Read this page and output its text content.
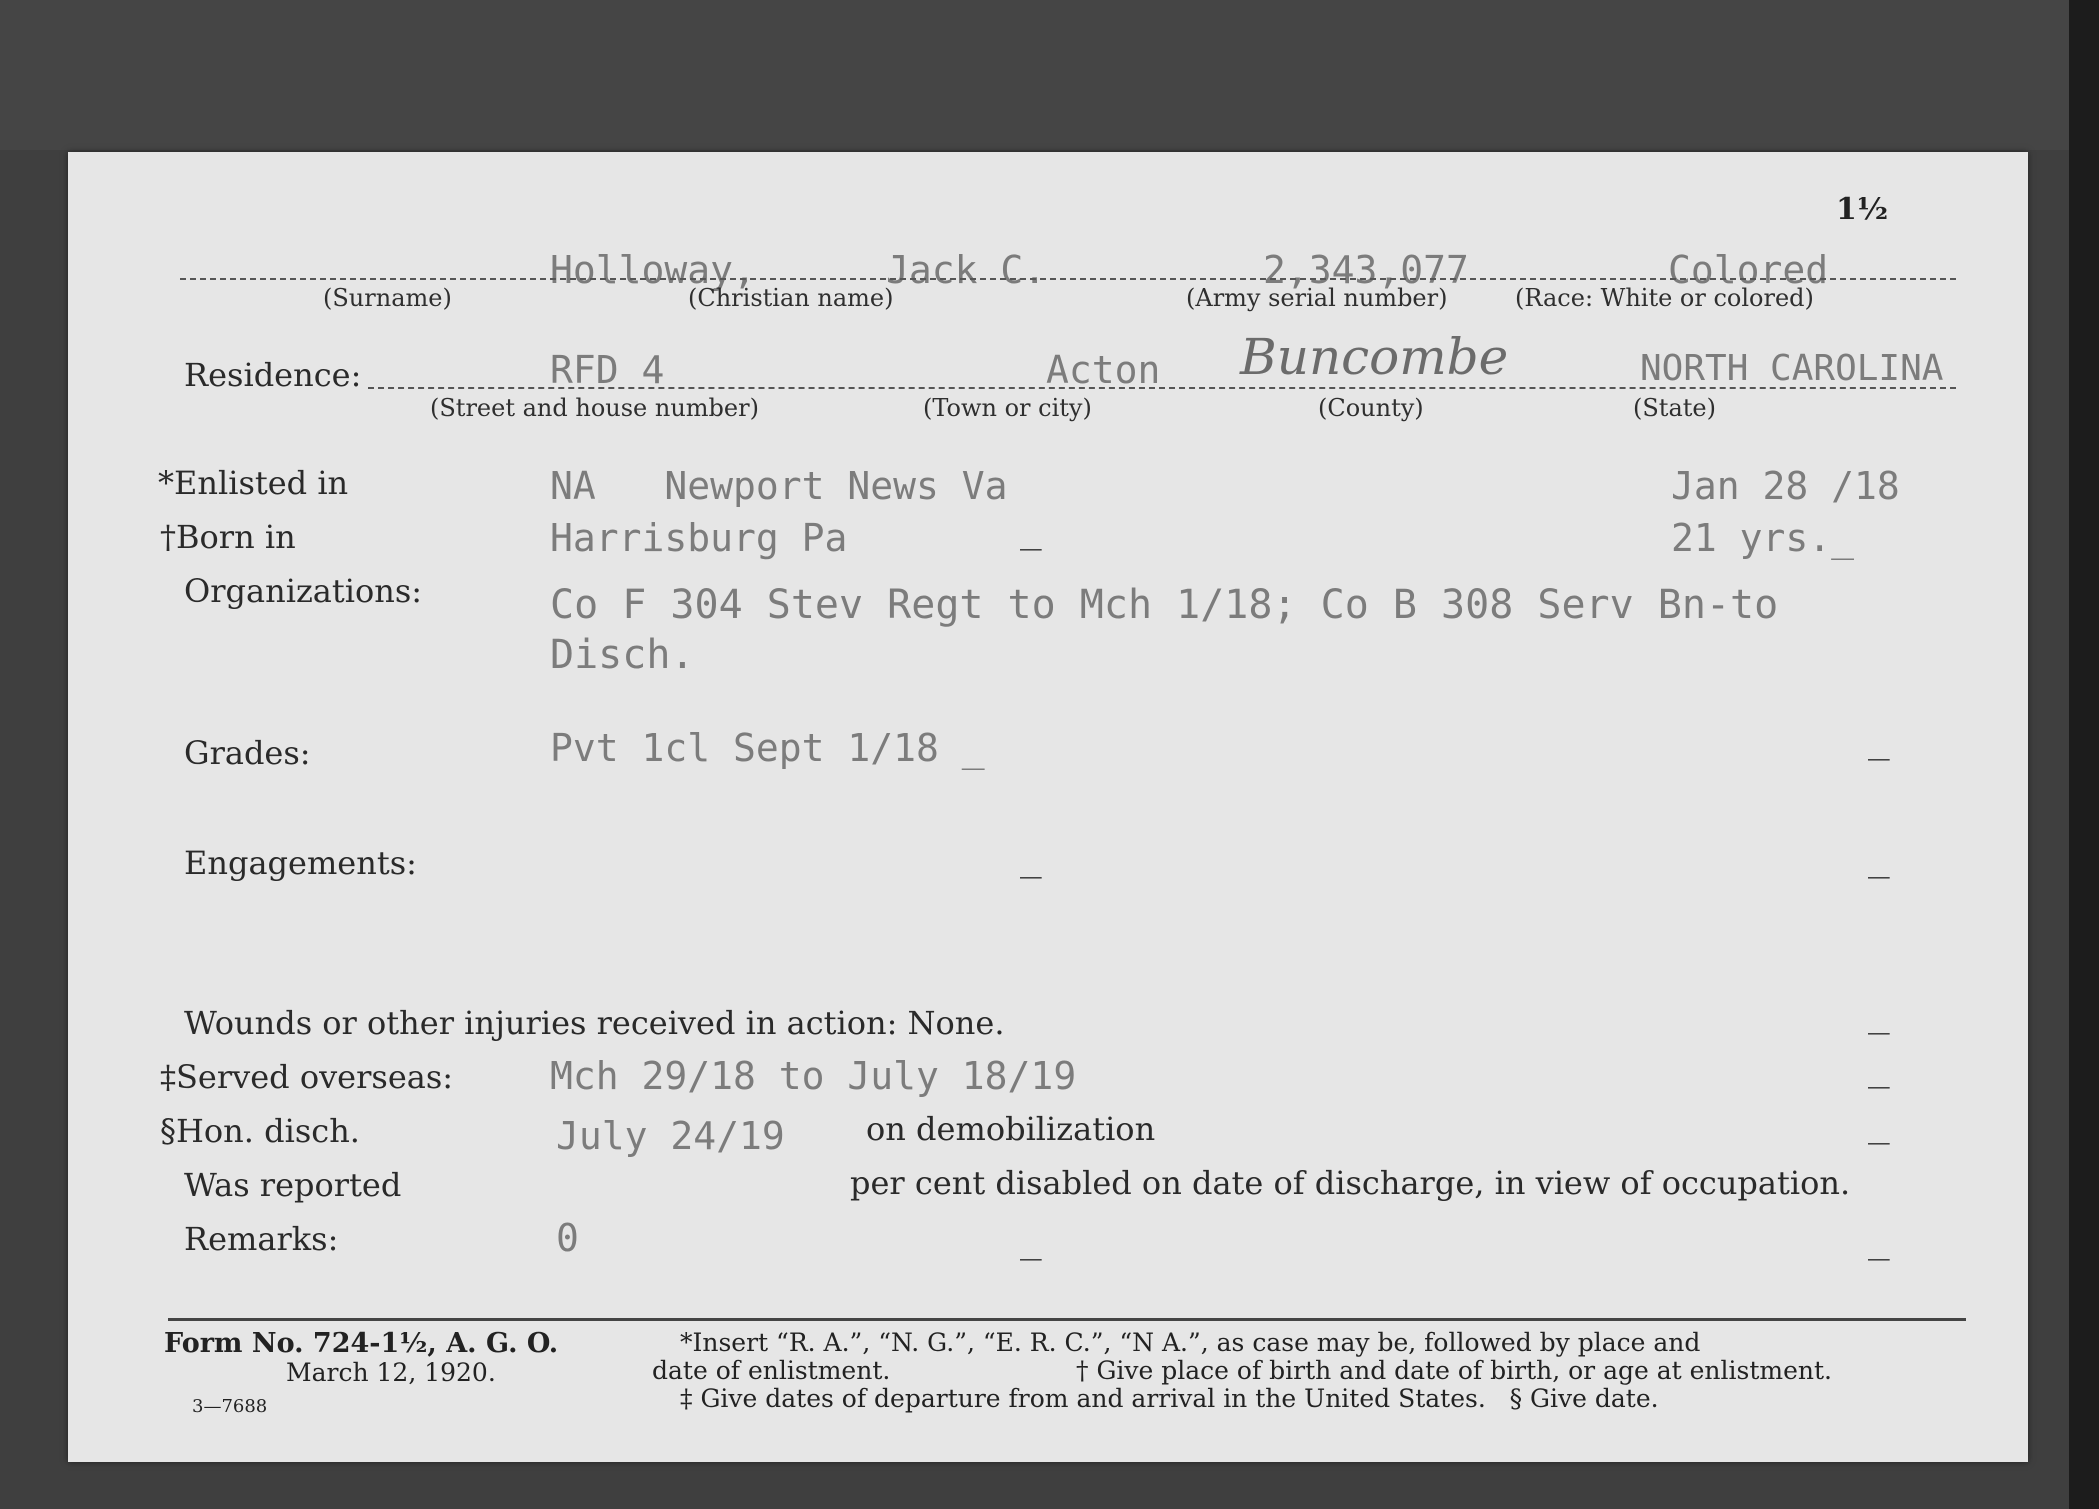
1½
Holloway,	Jack C.	2,343,077	Colored
(Surname)	(Christian name)	(Army serial number)	(Race: White or colored)
Residence:	RFD 4	Acton Buncombe	NORTH CAROLINA
(Street and house number)	(Town or city)	(County)	(State)
*Enlisted in	NA   Newport News Va	Jan 28 /18
†Born in	Harrisburg Pa	_	21 yrs._
Organizations:	Co F 304 Stev Regt to Mch 1/18; Co B 308 Serv Bn-to
Disch.
Grades:	Pvt 1cl Sept 1/18 _	_
Engagements:	_	_
Wounds or other injuries received in action: None.	_
‡Served overseas:	Mch 29/18 to July 18/19	_
§Hon. disch.	July 24/19	on demobilization	_
Was reported	per cent disabled on date of discharge, in view of occupation.
Remarks:	0	_	_
Form No. 724-1½, A. G. O.
March 12, 1920.
3—7688
*Insert “R. A.”, “N. G.”, “E. R. C.”, “N A.”, as case may be, followed by place and
date of enlistment.	† Give place of birth and date of birth, or age at enlistment.
‡ Give dates of departure from and arrival in the United States.   § Give date.
